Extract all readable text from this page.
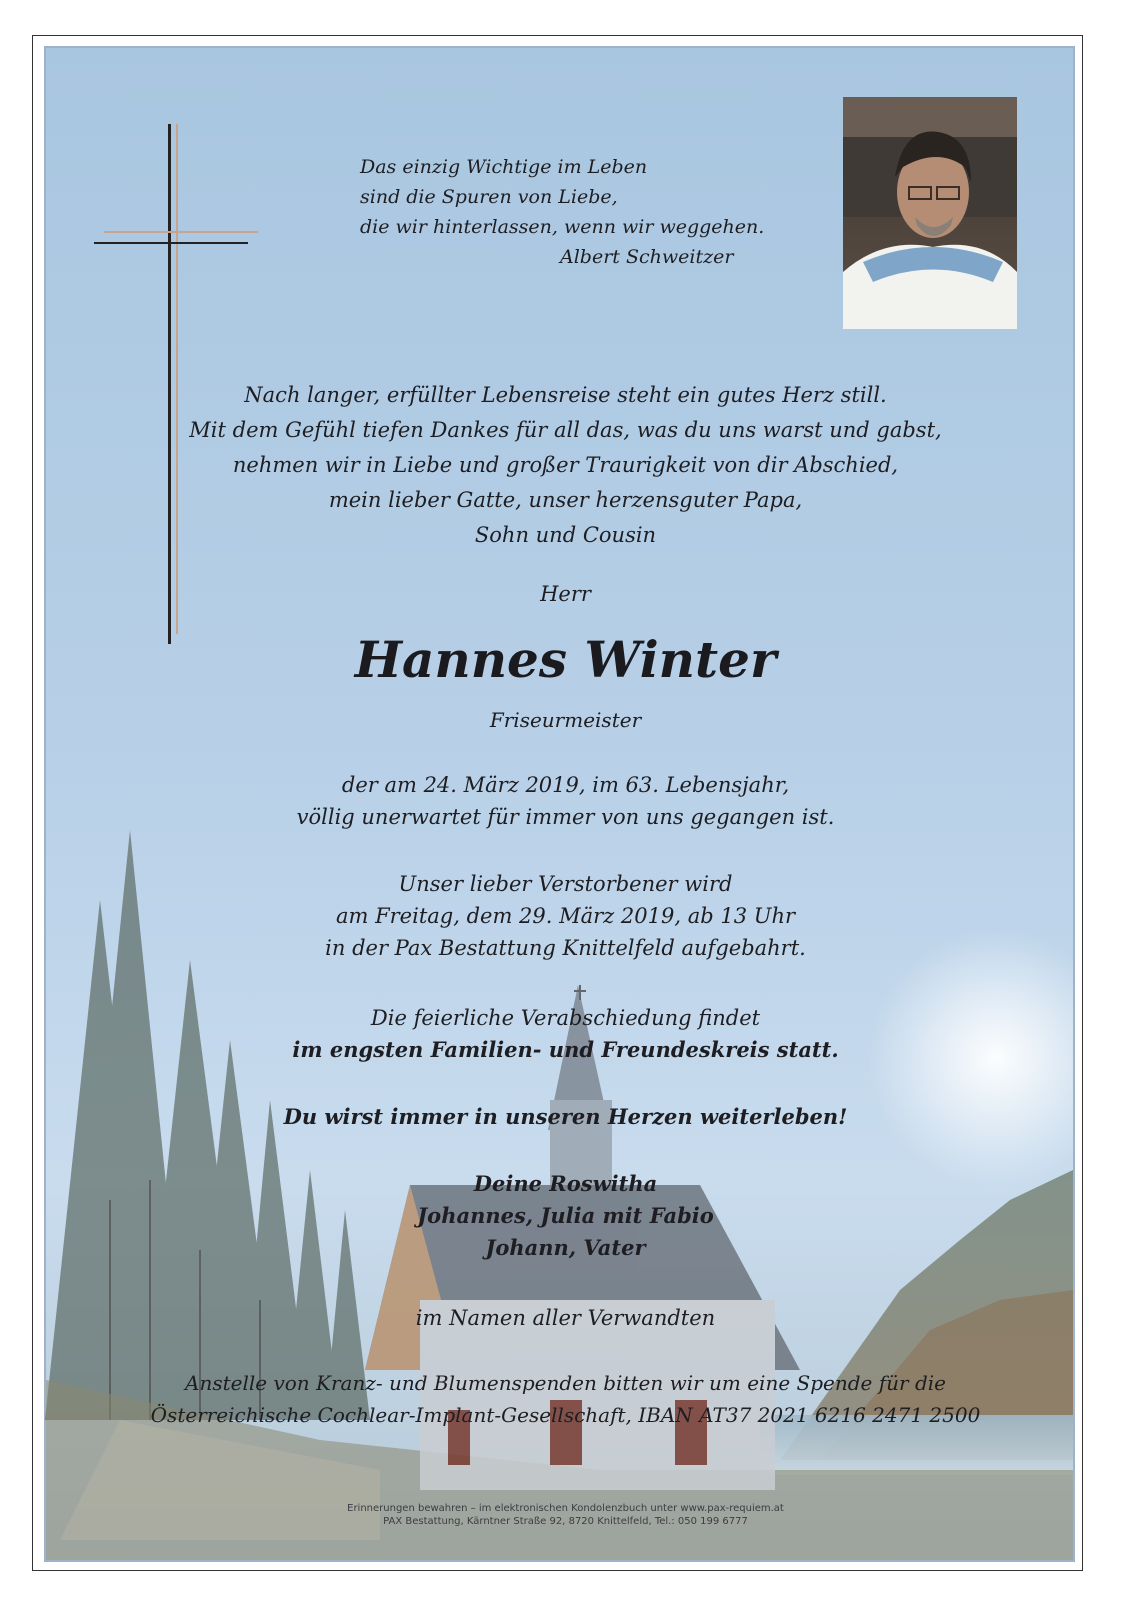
Das einzig Wichtige im Leben
sind die Spuren von Liebe,
die wir hinterlassen, wenn wir weggehen.
Albert Schweitzer
Nach langer, erfüllter Lebensreise steht ein gutes Herz still.
Mit dem Gefühl tiefen Dankes für all das, was du uns warst und gabst,
nehmen wir in Liebe und großer Traurigkeit von dir Abschied,
mein lieber Gatte, unser herzensguter Papa,
Sohn und Cousin
Herr
Hannes Winter
Friseurmeister
der am 24. März 2019, im 63. Lebensjahr,
völlig unerwartet für immer von uns gegangen ist.
Unser lieber Verstorbener wird
am Freitag, dem 29. März 2019, ab 13 Uhr
in der Pax Bestattung Knittelfeld aufgebahrt.
Die feierliche Verabschiedung findet
im engsten Familien- und Freundeskreis statt.
Du wirst immer in unseren Herzen weiterleben!
Deine Roswitha
Johannes, Julia mit Fabio
Johann, Vater
im Namen aller Verwandten
Anstelle von Kranz- und Blumenspenden bitten wir um eine Spende für die
Österreichische Cochlear-Implant-Gesellschaft, IBAN AT37 2021 6216 2471 2500
Erinnerungen bewahren – im elektronischen Kondolenzbuch unter www.pax-requiem.at
PAX Bestattung, Kärntner Straße 92, 8720 Knittelfeld, Tel.: 050 199 6777
